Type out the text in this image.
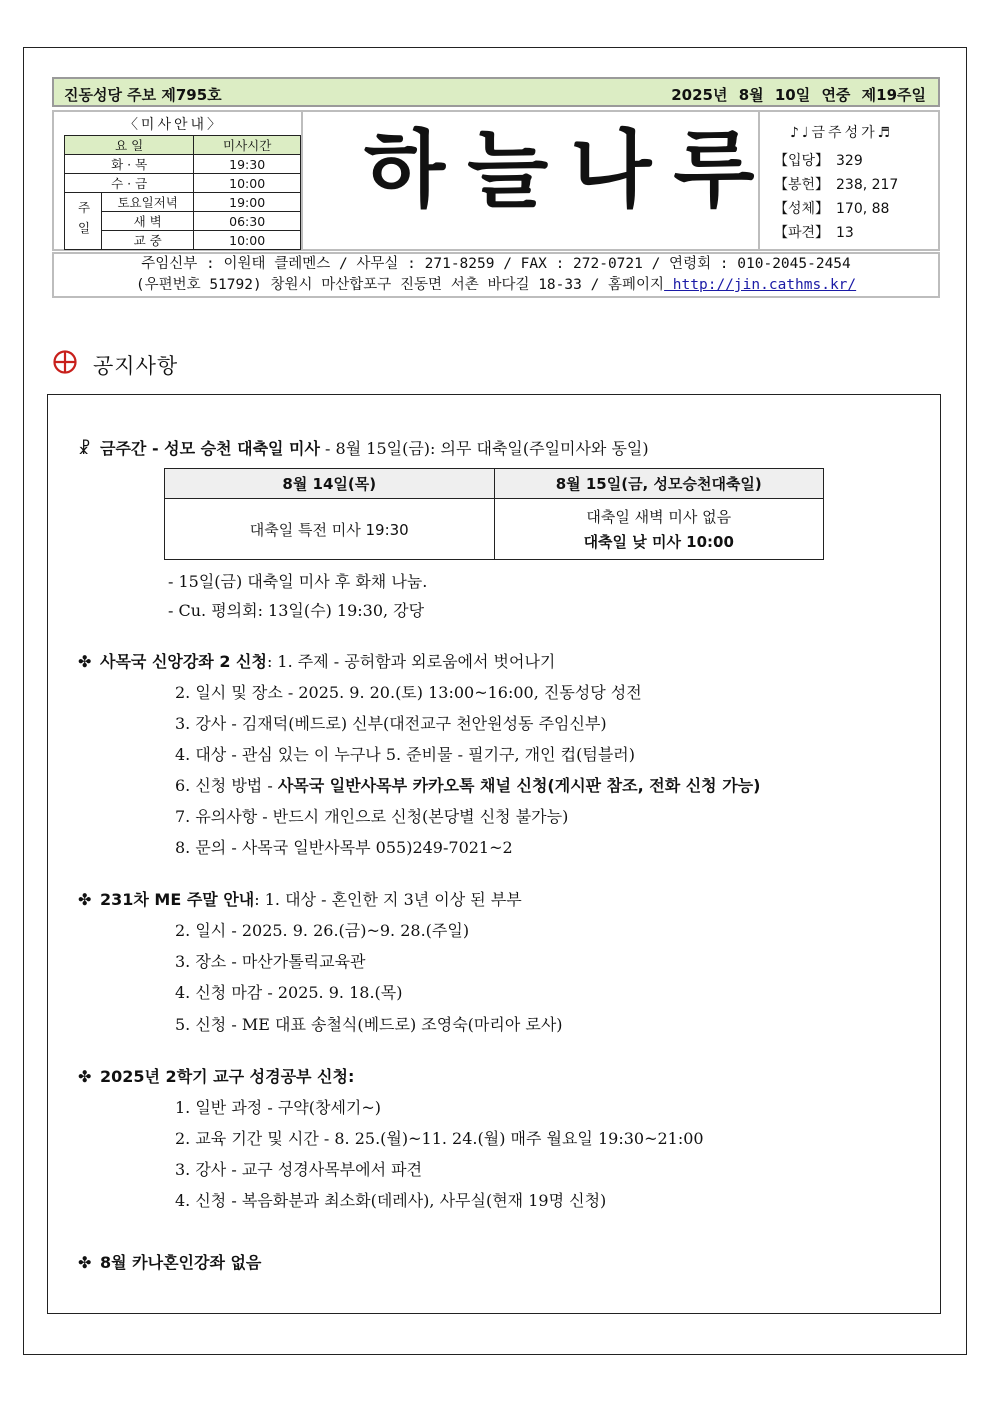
진동성당 주보 제795호	2025년 8월 10일 연중 제19주일
〈미사안내〉
요 일		미사시간
화 · 목		19:30
수 · 금		10:00
주일	토요일저녁	19:00
	새 벽	06:30
	교 중	10:00
하늘나루 ♪♩금주성가♬
【입당】 329
【봉헌】 238, 217
【성체】 170, 88
【파견】 13
주임신부 : 이원태 클레멘스 / 사무실 : 271-8259 / FAX : 272-0721 / 연령회 : 010-2045-2454
(우편번호 51792) 창원시 마산합포구 진동면 서촌 바다길 18-33 / 홈페이지 http://jin.cathms.kr/
공지사항
☧ 금주간 - 성모 승천 대축일 미사 - 8월 15일(금): 의무 대축일(주일미사와 동일)
8월 14일(목)	8월 15일(금, 성모승천대축일)
대축일 특전 미사 19:30	대축일 새벽 미사 없음
대축일 낮 미사 10:00
- 15일(금) 대축일 미사 후 화채 나눔.
- Cu. 평의회: 13일(수) 19:30, 강당
✤ 사목국 신앙강좌 2 신청: 1. 주제 - 공허함과 외로움에서 벗어나기
2. 일시 및 장소 - 2025. 9. 20.(토) 13:00~16:00, 진동성당 성전
3. 강사 - 김재덕(베드로) 신부(대전교구 천안원성동 주임신부)
4. 대상 - 관심 있는 이 누구나 5. 준비물 - 필기구, 개인 컵(텀블러)
6. 신청 방법 - 사목국 일반사목부 카카오톡 채널 신청(게시판 참조, 전화 신청 가능)
7. 유의사항 - 반드시 개인으로 신청(본당별 신청 불가능)
8. 문의 - 사목국 일반사목부 055)249-7021~2
✤ 231차 ME 주말 안내: 1. 대상 - 혼인한 지 3년 이상 된 부부
2. 일시 - 2025. 9. 26.(금)~9. 28.(주일)
3. 장소 - 마산가톨릭교육관
4. 신청 마감 - 2025. 9. 18.(목)
5. 신청 - ME 대표 송철식(베드로) 조영숙(마리아 로사)
✤ 2025년 2학기 교구 성경공부 신청:
1. 일반 과정 - 구약(창세기~)
2. 교육 기간 및 시간 - 8. 25.(월)~11. 24.(월) 매주 월요일 19:30~21:00
3. 강사 - 교구 성경사목부에서 파견
4. 신청 - 복음화분과 최소화(데레사), 사무실(현재 19명 신청)
✤ 8월 카나혼인강좌 없음
